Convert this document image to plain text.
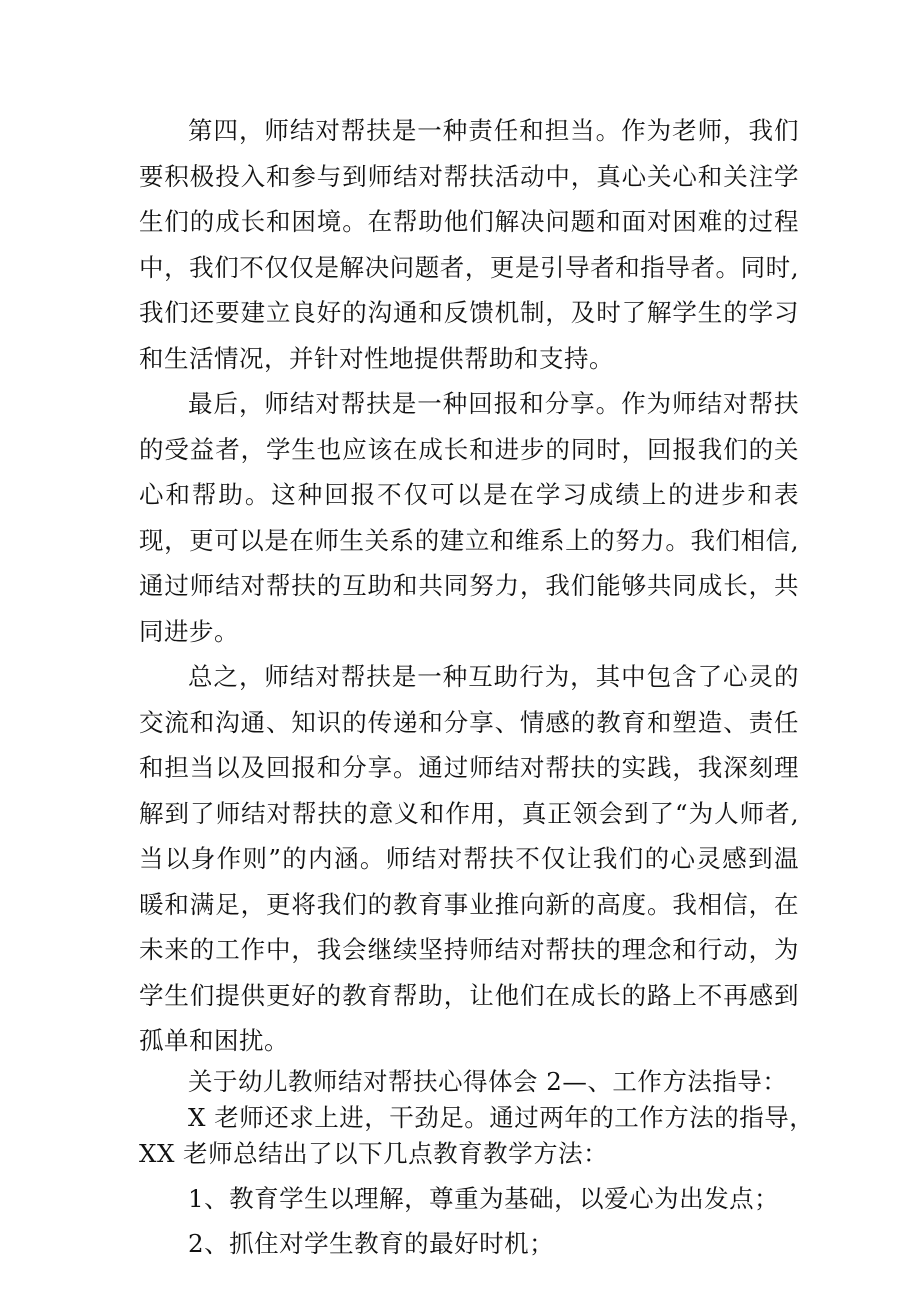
第四，师结对帮扶是一种责任和担当。作为老师，我们要积极投入和参与到师结对帮扶活动中，真心关心和关注学生们的成长和困境。在帮助他们解决问题和面对困难的过程中，我们不仅仅是解决问题者，更是引导者和指导者。同时,我们还要建立良好的沟通和反馈机制，及时了解学生的学习和生活情况，并针对性地提供帮助和支持。

最后，师结对帮扶是一种回报和分享。作为师结对帮扶的受益者，学生也应该在成长和进步的同时，回报我们的关心和帮助。这种回报不仅可以是在学习成绩上的进步和表现，更可以是在师生关系的建立和维系上的努力。我们相信,通过师结对帮扶的互助和共同努力，我们能够共同成长，共同进步。

总之，师结对帮扶是一种互助行为，其中包含了心灵的交流和沟通、知识的传递和分享、情感的教育和塑造、责任和担当以及回报和分享。通过师结对帮扶的实践，我深刻理解到了师结对帮扶的意义和作用，真正领会到了“为人师者,当以身作则”的内涵。师结对帮扶不仅让我们的心灵感到温暖和满足，更将我们的教育事业推向新的高度。我相信，在未来的工作中，我会继续坚持师结对帮扶的理念和行动，为学生们提供更好的教育帮助，让他们在成长的路上不再感到孤单和困扰。

关于幼儿教师结对帮扶心得体会 2—、工作方法指导：

X 老师还求上进，干劲足。通过两年的工作方法的指导，

XX 老师总结出了以下几点教育教学方法：

1、教育学生以理解，尊重为基础，以爱心为出发点；

2、抓住对学生教育的最好时机；
